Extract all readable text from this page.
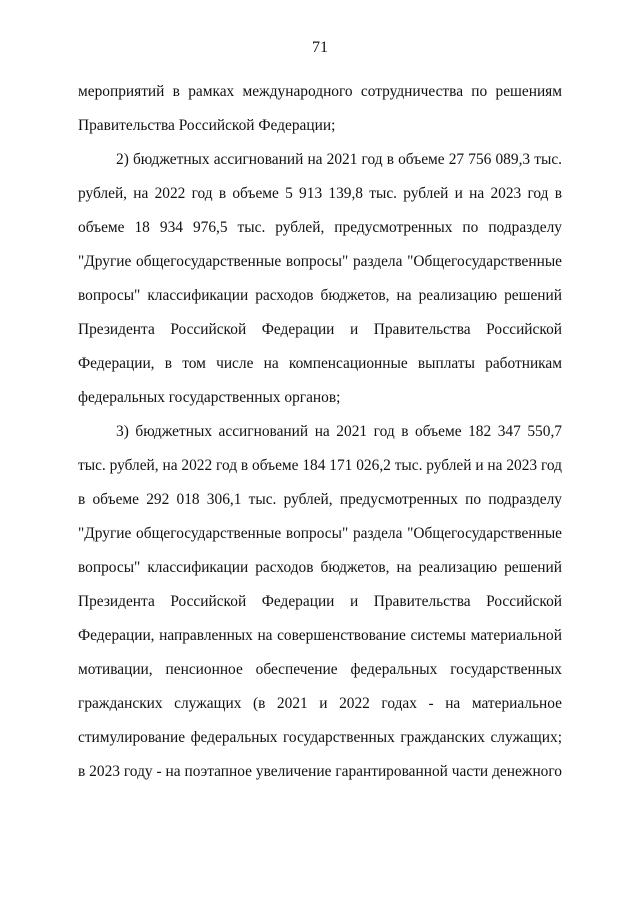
71

мероприятий в рамках международного сотрудничества по решениям Правительства Российской Федерации;

2) бюджетных ассигнований на 2021 год в объеме 27 756 089,3 тыс. рублей, на 2022 год в объеме 5 913 139,8 тыс. рублей и на 2023 год в объеме 18 934 976,5 тыс. рублей, предусмотренных по подразделу "Другие общегосударственные вопросы" раздела "Общегосударственные вопросы" классификации расходов бюджетов, на реализацию решений Президента Российской Федерации и Правительства Российской Федерации, в том числе на компенсационные выплаты работникам федеральных государственных органов;

3) бюджетных ассигнований на 2021 год в объеме 182 347 550,7 тыс. рублей, на 2022 год в объеме 184 171 026,2 тыс. рублей и на 2023 год в объеме 292 018 306,1 тыс. рублей, предусмотренных по подразделу "Другие общегосударственные вопросы" раздела "Общегосударственные вопросы" классификации расходов бюджетов, на реализацию решений Президента Российской Федерации и Правительства Российской Федерации, направленных на совершенствование системы материальной мотивации, пенсионное обеспечение федеральных государственных гражданских служащих (в 2021 и 2022 годах - на материальное стимулирование федеральных государственных гражданских служащих; в 2023 году - на поэтапное увеличение гарантированной части денежного
